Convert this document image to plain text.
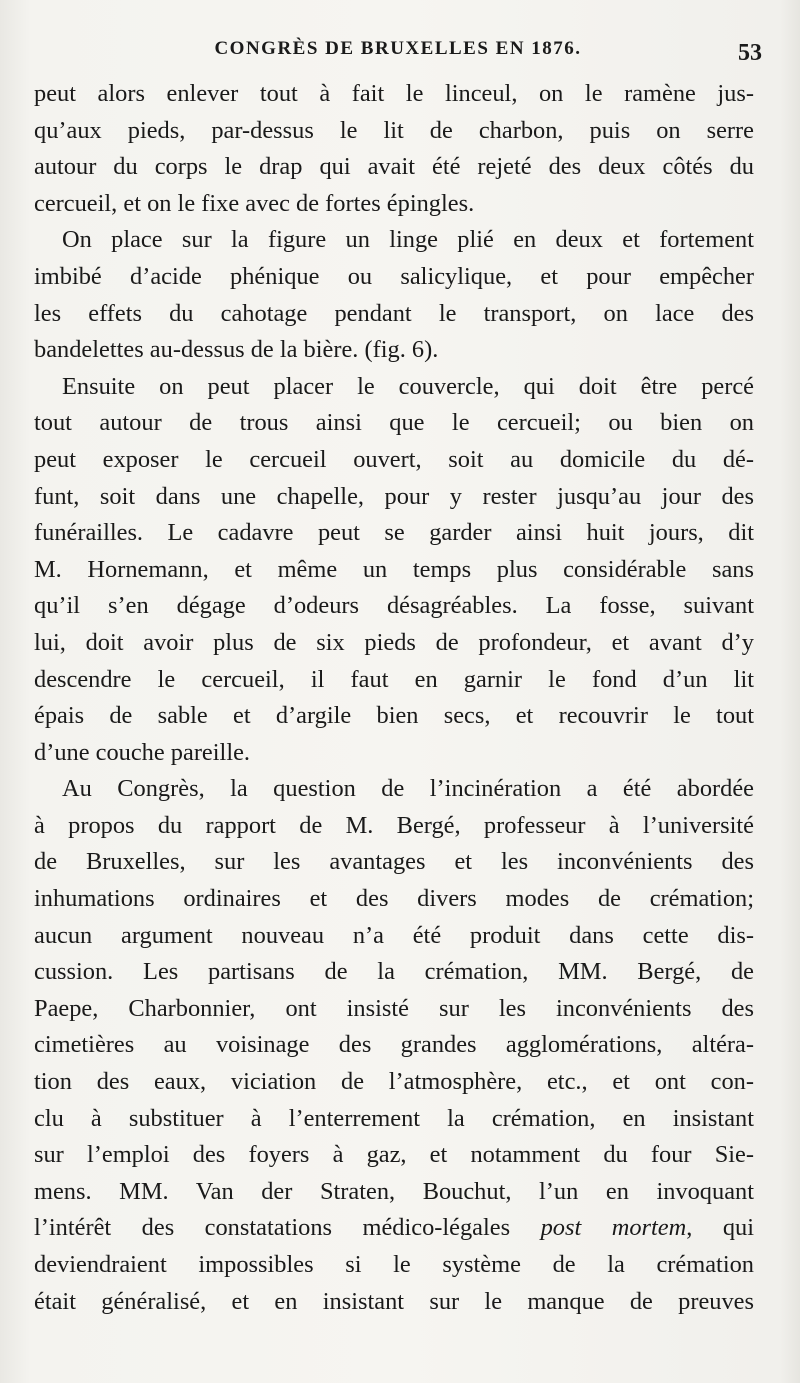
CONGRÈS DE BRUXELLES EN 1876.	53
peut alors enlever tout à fait le linceul, on le ramène jus-
qu’aux pieds, par-dessus le lit de charbon, puis on serre
autour du corps le drap qui avait été rejeté des deux côtés du
cercueil, et on le fixe avec de fortes épingles.
On place sur la figure un linge plié en deux et fortement
imbibé d’acide phénique ou salicylique, et pour empêcher
les effets du cahotage pendant le transport, on lace des
bandelettes au-dessus de la bière. (fig. 6).
Ensuite on peut placer le couvercle, qui doit être percé
tout autour de trous ainsi que le cercueil; ou bien on
peut exposer le cercueil ouvert, soit au domicile du dé-
funt, soit dans une chapelle, pour y rester jusqu’au jour des
funérailles. Le cadavre peut se garder ainsi huit jours, dit
M. Hornemann, et même un temps plus considérable sans
qu’il s’en dégage d’odeurs désagréables. La fosse, suivant
lui, doit avoir plus de six pieds de profondeur, et avant d’y
descendre le cercueil, il faut en garnir le fond d’un lit
épais de sable et d’argile bien secs, et recouvrir le tout
d’une couche pareille.
Au Congrès, la question de l’incinération a été abordée
à propos du rapport de M. Bergé, professeur à l’université
de Bruxelles, sur les avantages et les inconvénients des
inhumations ordinaires et des divers modes de crémation;
aucun argument nouveau n’a été produit dans cette dis-
cussion. Les partisans de la crémation, MM. Bergé, de
Paepe, Charbonnier, ont insisté sur les inconvénients des
cimetières au voisinage des grandes agglomérations, altéra-
tion des eaux, viciation de l’atmosphère, etc., et ont con-
clu à substituer à l’enterrement la crémation, en insistant
sur l’emploi des foyers à gaz, et notamment du four Sie-
mens. MM. Van der Straten, Bouchut, l’un en invoquant
l’intérêt des constatations médico-légales post mortem, qui
deviendraient impossibles si le système de la crémation
était généralisé, et en insistant sur le manque de preuves
